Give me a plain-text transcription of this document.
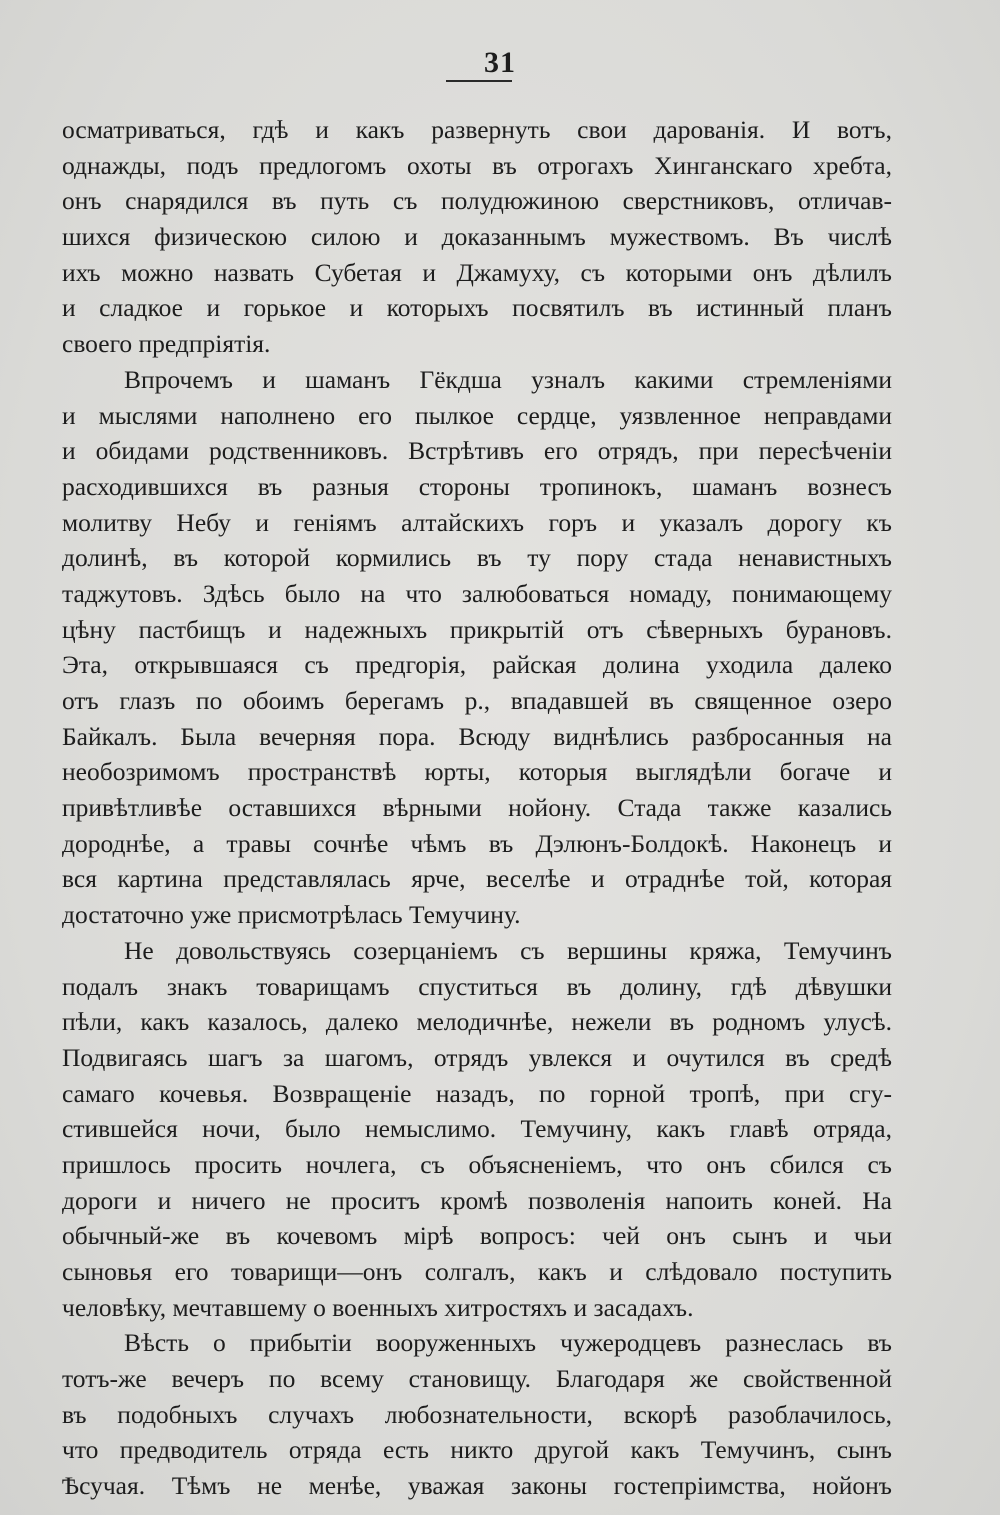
31
осматриваться, гдѣ и какъ развернуть свои дарованія. И вотъ,
однажды, подъ предлогомъ охоты въ отрогахъ Хинганскаго хребта,
онъ снарядился въ путь съ полудюжиною сверстниковъ, отличав-
шихся физическою силою и доказаннымъ мужествомъ. Въ числѣ
ихъ можно назвать Субетая и Джамуху, съ которыми онъ дѣлилъ
и сладкое и горькое и которыхъ посвятилъ въ истинный планъ
своего предпріятія.
Впрочемъ и шаманъ Гёкдша узналъ какими стремленіями
и мыслями наполнено его пылкое сердце, уязвленное неправдами
и обидами родственниковъ. Встрѣтивъ его отрядъ, при пересѣченіи
расходившихся въ разныя стороны тропинокъ, шаманъ вознесъ
молитву Небу и геніямъ алтайскихъ горъ и указалъ дорогу къ
долинѣ, въ которой кормились въ ту пору стада ненавистныхъ
таджутовъ. Здѣсь было на что залюбоваться номаду, понимающему
цѣну пастбищъ и надежныхъ прикрытій отъ сѣверныхъ бурановъ.
Эта, открывшаяся съ предгорія, райская долина уходила далеко
отъ глазъ по обоимъ берегамъ р., впадавшей въ священное озеро
Байкалъ. Была вечерняя пора. Всюду виднѣлись разбросанныя на
необозримомъ пространствѣ юрты, которыя выглядѣли богаче и
привѣтливѣе оставшихся вѣрными нойону. Стада также казались
дороднѣе, а травы сочнѣе чѣмъ въ Дэлюнъ-Болдокѣ. Наконецъ и
вся картина представлялась ярче, веселѣе и отраднѣе той, которая
достаточно уже присмотрѣлась Темучину.
Не довольствуясь созерцаніемъ съ вершины кряжа, Темучинъ
подалъ знакъ товарищамъ спуститься въ долину, гдѣ дѣвушки
пѣли, какъ казалось, далеко мелодичнѣе, нежели въ родномъ улусѣ.
Подвигаясь шагъ за шагомъ, отрядъ увлекся и очутился въ средѣ
самаго кочевья. Возвращеніе назадъ, по горной тропѣ, при сгу-
стившейся ночи, было немыслимо. Темучину, какъ главѣ отряда,
пришлось просить ночлега, съ объясненіемъ, что онъ сбился съ
дороги и ничего не проситъ кромѣ позволенія напоить коней. На
обычный-же въ кочевомъ мірѣ вопросъ: чей онъ сынъ и чьи
сыновья его товарищи—онъ солгалъ, какъ и слѣдовало поступить
человѣку, мечтавшему о военныхъ хитростяхъ и засадахъ.
Вѣсть о прибытіи вооруженныхъ чужеродцевъ разнеслась въ
тотъ-же вечеръ по всему становищу. Благодаря же свойственной
въ подобныхъ случахъ любознательности, вскорѣ разоблачилось,
что предводитель отряда есть никто другой какъ Темучинъ, сынъ
Ѣсучая. Тѣмъ не менѣе, уважая законы гостепріимства, нойонъ
